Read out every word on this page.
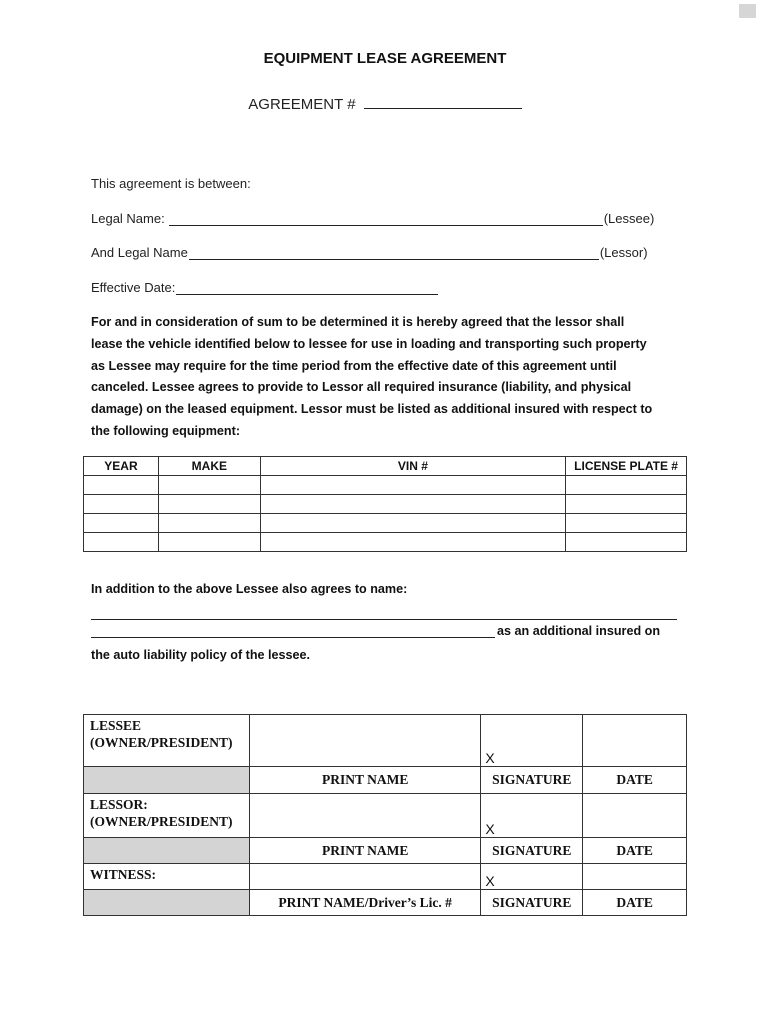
EQUIPMENT LEASE AGREEMENT
AGREEMENT #
This agreement is between:
Legal Name:	(Lessee)
And Legal Name	(Lessor)
Effective Date:
For and in consideration of sum to be determined it is hereby agreed that the lessor shall
lease the vehicle identified below to lessee for use in loading and transporting such property
as Lessee may require for the time period from the effective date of this agreement until
canceled. Lessee agrees to provide to Lessor all required insurance (liability, and physical
damage) on the leased equipment. Lessor must be listed as additional insured with respect to
the following equipment:
YEAR	MAKE	VIN #	LICENSE PLATE #

In addition to the above Lessee also agrees to name:
as an additional insured on
the auto liability policy of the lessee.
LESSEE
(OWNER/PRESIDENT)		X	

	PRINT NAME	SIGNATURE	DATE

LESSOR:
(OWNER/PRESIDENT)		X	

	PRINT NAME	SIGNATURE	DATE
WITNESS:		X	

	PRINT NAME/Driver’s Lic. #	SIGNATURE	DATE
